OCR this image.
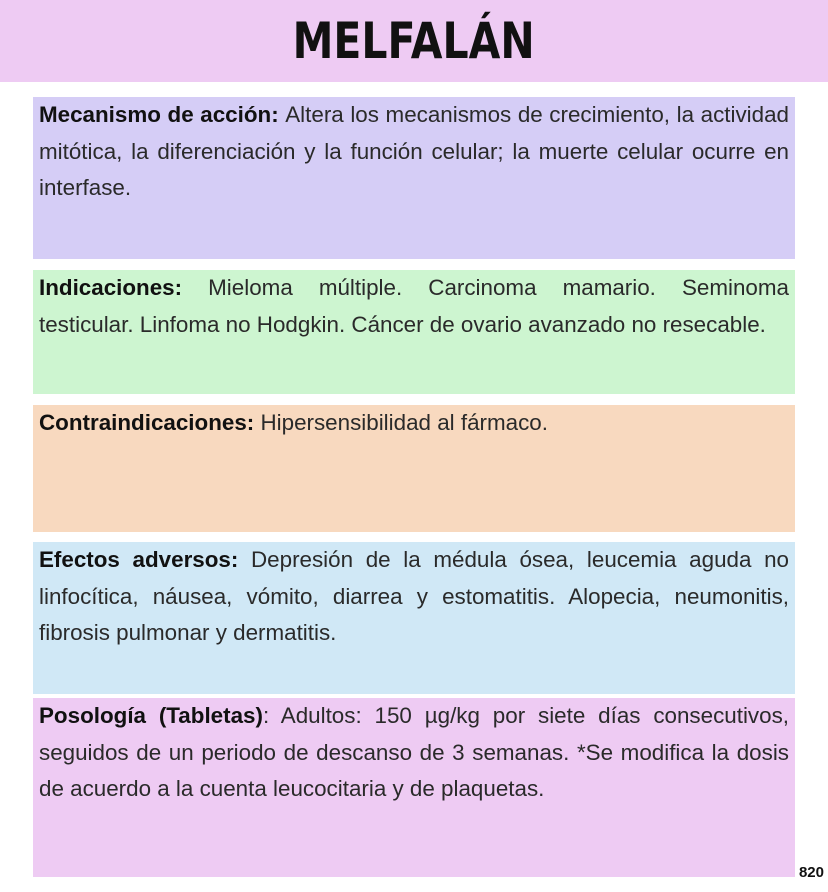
MELFALÁN
Mecanismo de acción: Altera los mecanismos de crecimiento, la actividad mitótica, la diferenciación y la función celular; la muerte celular ocurre en interfase.
Indicaciones: Mieloma múltiple. Carcinoma mamario. Seminoma testicular. Linfoma no Hodgkin. Cáncer de ovario avanzado no resecable.
Contraindicaciones: Hipersensibilidad al fármaco.
Efectos adversos: Depresión de la médula ósea, leucemia aguda no linfocítica, náusea, vómito, diarrea y estomatitis. Alopecia, neumonitis, fibrosis pulmonar y dermatitis.
Posología (Tabletas): Adultos: 150 µg/kg por siete días consecutivos, seguidos de un periodo de descanso de 3 semanas. *Se modifica la dosis de acuerdo a la cuenta leucocitaria y de plaquetas.
820
